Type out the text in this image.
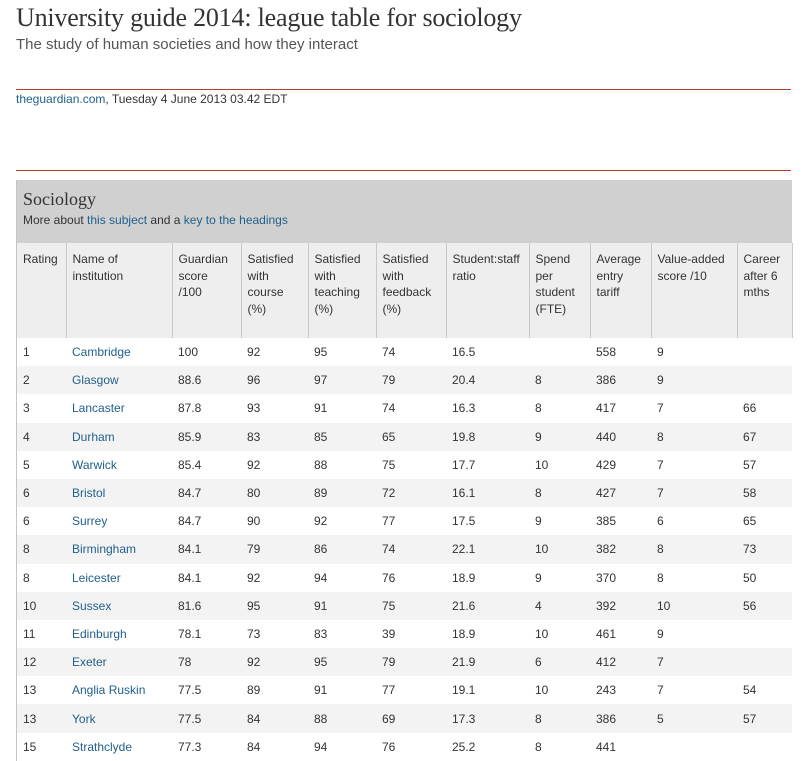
University guide 2014: league table for sociology
The study of human societies and how they interact
theguardian.com, Tuesday 4 June 2013 03.42 EDT
Sociology
More about this subject and a key to the headings
Rating	Name of institution	Guardian score /100	Satisfied with course (%)	Satisfied with teaching (%)	Satisfied with feedback (%)	Student:staff ratio	Spend per student (FTE)	Average entry tariff	Value-added score /10	Career after 6 mths
1	Cambridge	100	92	95	74	16.5		558	9	
2	Glasgow	88.6	96	97	79	20.4	8	386	9	
3	Lancaster	87.8	93	91	74	16.3	8	417	7	66
4	Durham	85.9	83	85	65	19.8	9	440	8	67
5	Warwick	85.4	92	88	75	17.7	10	429	7	57
6	Bristol	84.7	80	89	72	16.1	8	427	7	58
6	Surrey	84.7	90	92	77	17.5	9	385	6	65
8	Birmingham	84.1	79	86	74	22.1	10	382	8	73
8	Leicester	84.1	92	94	76	18.9	9	370	8	50
10	Sussex	81.6	95	91	75	21.6	4	392	10	56
11	Edinburgh	78.1	73	83	39	18.9	10	461	9	
12	Exeter	78	92	95	79	21.9	6	412	7	
13	Anglia Ruskin	77.5	89	91	77	19.1	10	243	7	54
13	York	77.5	84	88	69	17.3	8	386	5	57
15	Strathclyde	77.3	84	94	76	25.2	8	441		
